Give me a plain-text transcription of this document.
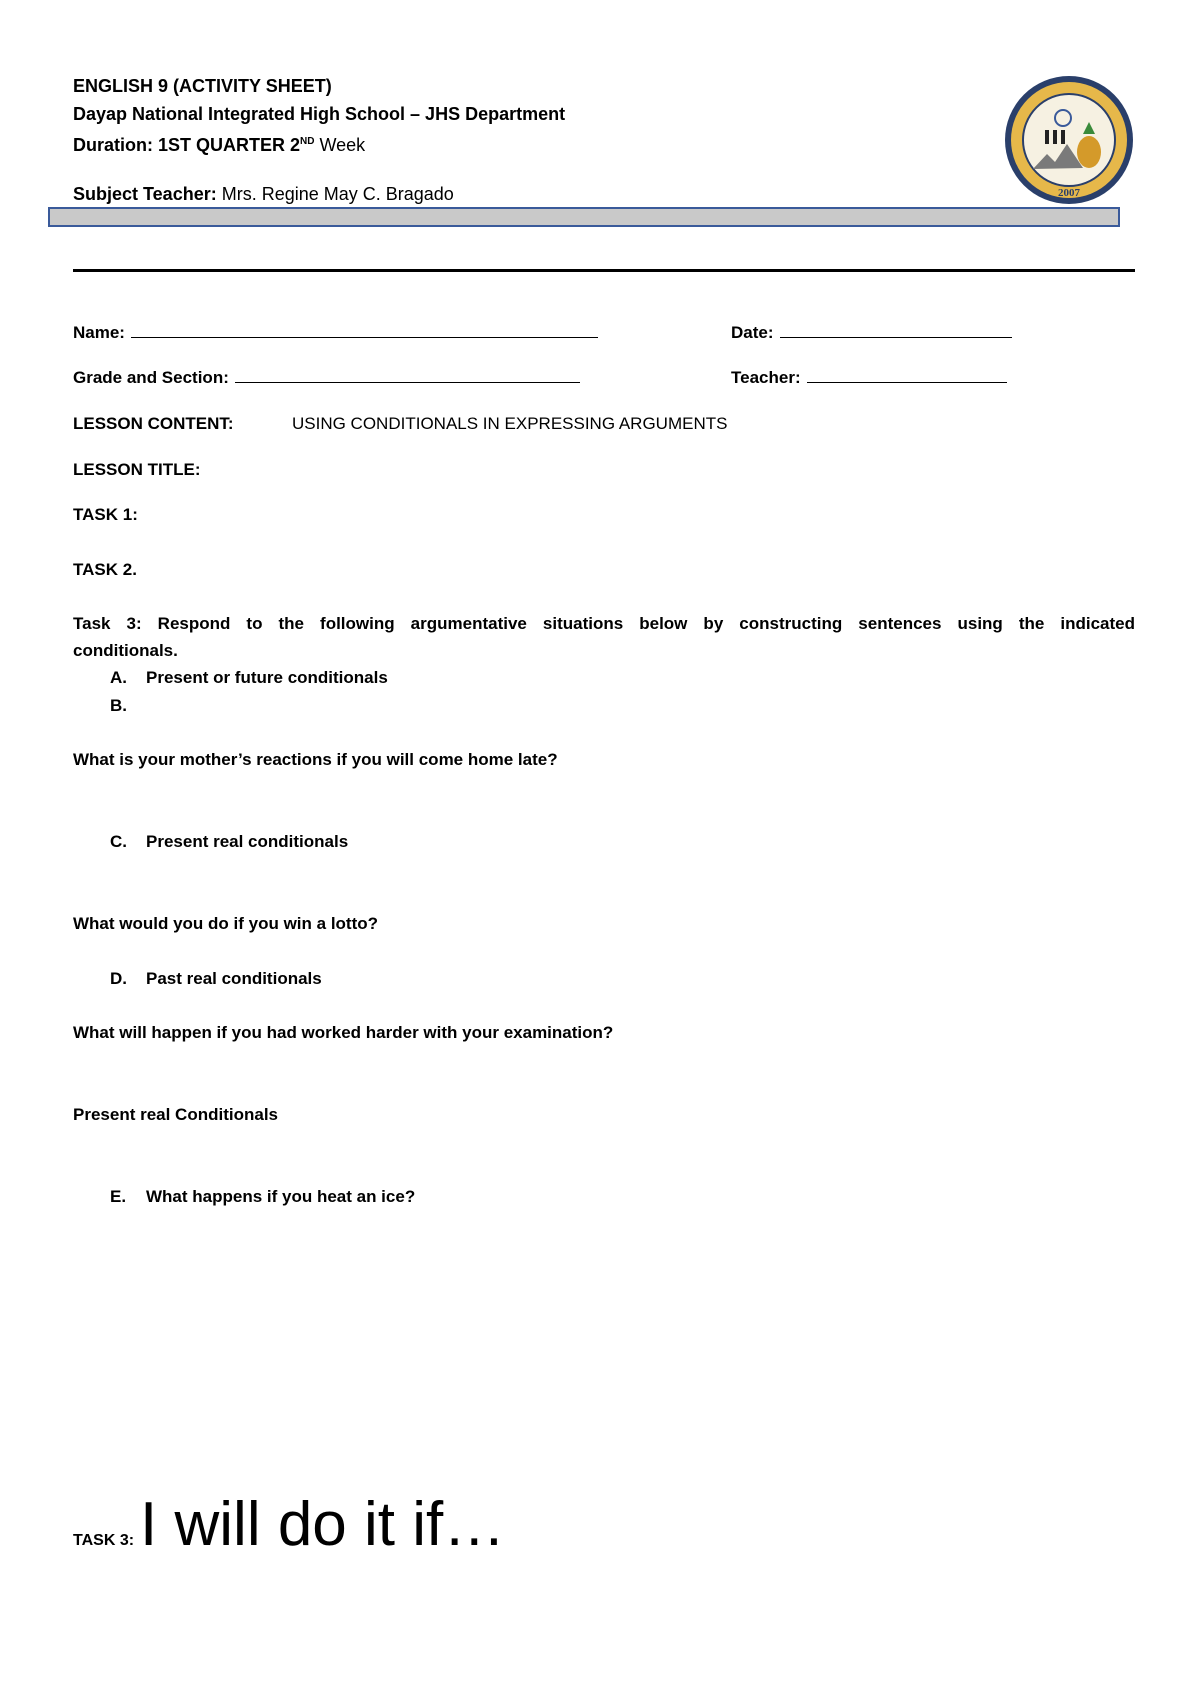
ENGLISH 9 (ACTIVITY SHEET)
Dayap National Integrated High School – JHS Department
Duration: 1ST QUARTER 2ND Week
Subject Teacher: Mrs. Regine May C. Bragado	2007
Name:	Date:
Grade and Section:	Teacher:
LESSON CONTENT:	USING CONDITIONALS IN EXPRESSING ARGUMENTS
LESSON TITLE:
TASK 1:
TASK 2.
Task 3: Respond to the following argumentative situations below by constructing sentences using the indicated
conditionals.
A. Present or future conditionals
B.
What is your mother’s reactions if you will come home late?
C. Present real conditionals
What would you do if you win a lotto?
D. Past real conditionals
What will happen if you had worked harder with your examination?
Present real Conditionals
E. What happens if you heat an ice?
TASK 3:I will do it if…
